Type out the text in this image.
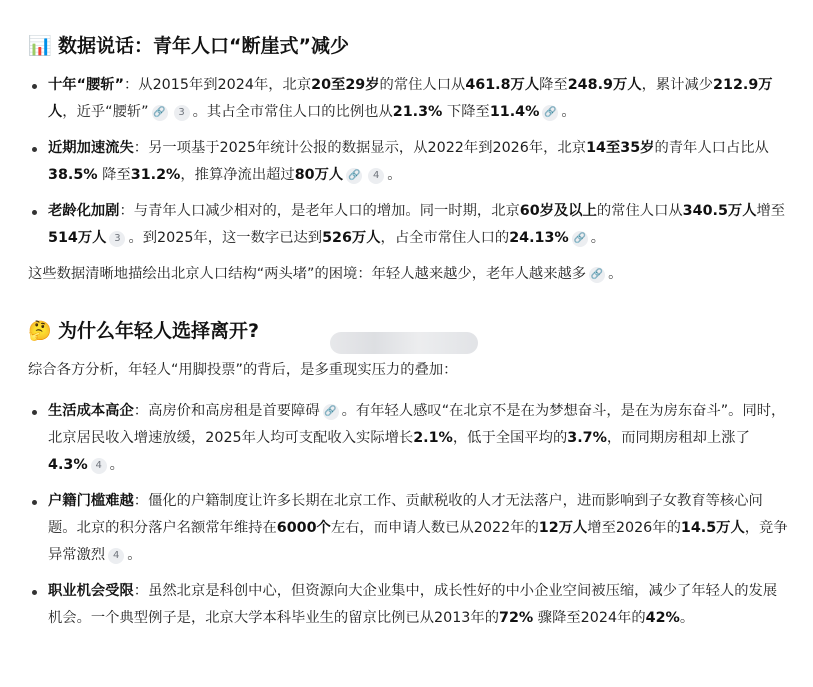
📊 数据说话：青年人口“断崖式”减少
十年“腰斩”：从2015年到2024年，北京20至29岁的常住人口从461.8万人降至248.9万人，累计减少212.9万人，近乎“腰斩” 🔗 3 。其占全市常住人口的比例也从21.3% 下降至11.4% 🔗 。
近期加速流失：另一项基于2025年统计公报的数据显示，从2022年到2026年，北京14至35岁的青年人口占比从38.5% 降至31.2%，推算净流出超过80万人 🔗 4 。
老龄化加剧：与青年人口减少相对的，是老年人口的增加。同一时期，北京60岁及以上的常住人口从340.5万人增至514万人 3 。到2025年，这一数字已达到526万人，占全市常住人口的24.13% 🔗 。

这些数据清晰地描绘出北京人口结构“两头堵”的困境：年轻人越来越少，老年人越来越多 🔗 。

🤔 为什么年轻人选择离开?

综合各方分析，年轻人“用脚投票”的背后，是多重现实压力的叠加：

生活成本高企：高房价和高房租是首要障碍 🔗 。有年轻人感叹“在北京不是在为梦想奋斗，是在为房东奋斗”。同时，北京居民收入增速放缓，2025年人均可支配收入实际增长2.1%，低于全国平均的3.7%，而同期房租却上涨了4.3% 4 。
户籍门槛难越：僵化的户籍制度让许多长期在北京工作、贡献税收的人才无法落户，进而影响到子女教育等核心问题。北京的积分落户名额常年维持在6000个左右，而申请人数已从2022年的12万人增至2026年的14.5万人，竞争异常激烈 4 。
职业机会受限：虽然北京是科创中心，但资源向大企业集中，成长性好的中小企业空间被压缩，减少了年轻人的发展机会。一个典型例子是，北京大学本科毕业生的留京比例已从2013年的72% 骤降至2024年的42%。
